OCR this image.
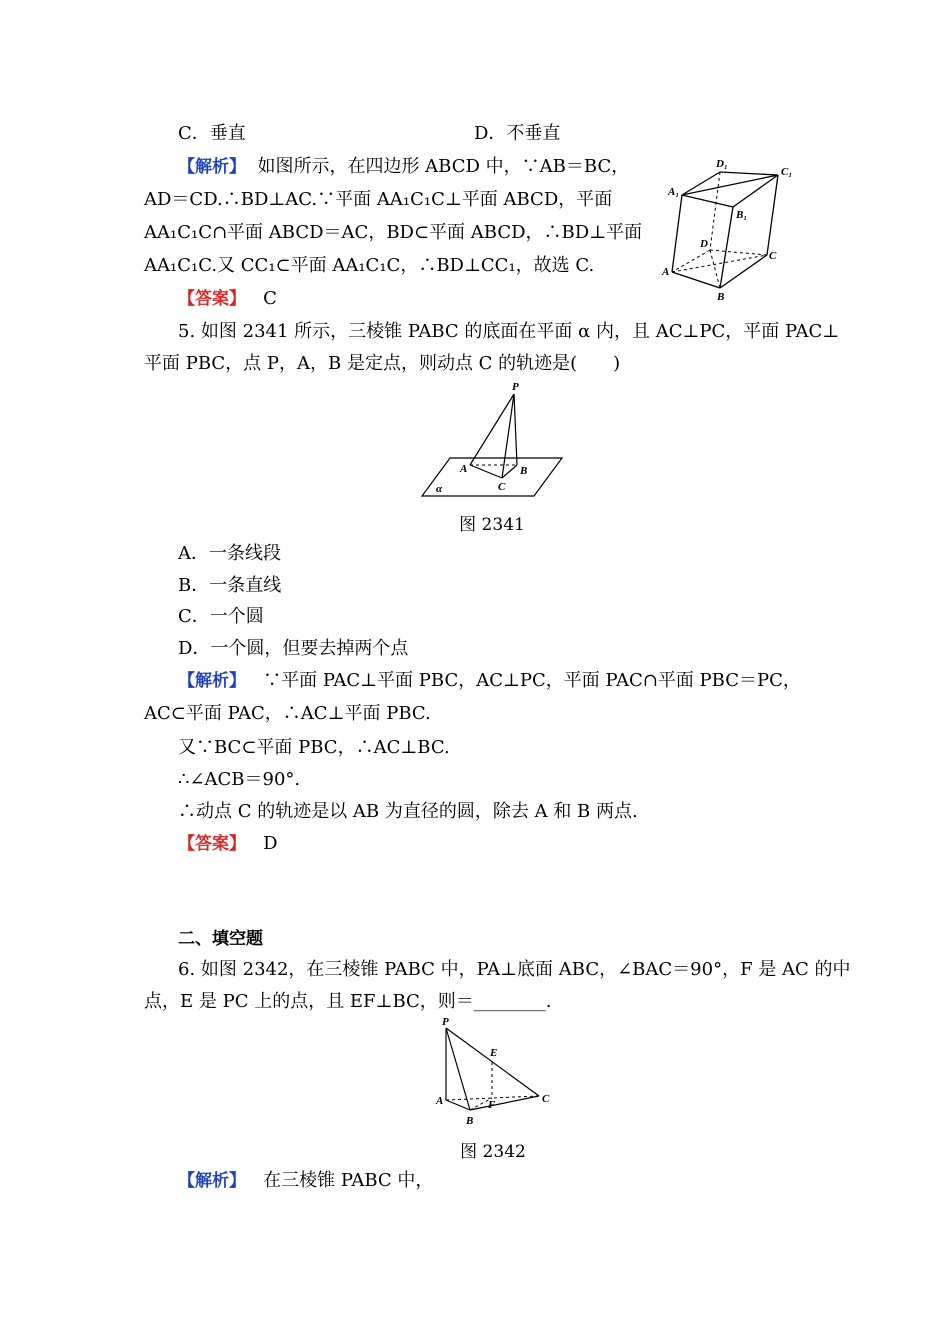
C．垂直	D．不垂直
【解析】 如图所示，在四边形 ABCD 中，∵AB＝BC，
AD＝CD.∴BD⊥AC.∵平面 AA₁C₁C⊥平面 ABCD，平面
AA₁C₁C∩平面 ABCD＝AC，BD⊂平面 ABCD，∴BD⊥平面
AA₁C₁C.又 CC₁⊂平面 AA₁C₁C，∴BD⊥CC₁，故选 C.
【答案】 C
D₁
C₁
A₁
B₁
D
A
C
B
5. 如图 2341 所示，三棱锥 PABC 的底面在平面 α 内，且 AC⊥PC，平面 PAC⊥
平面 PBC，点 P，A，B 是定点，则动点 C 的轨迹是(　　)
P
A	B
C
α
图 2341
A．一条线段
B．一条直线
C．一个圆
D．一个圆，但要去掉两个点
【解析】 ∵平面 PAC⊥平面 PBC，AC⊥PC，平面 PAC∩平面 PBC＝PC，
AC⊂平面 PAC，∴AC⊥平面 PBC.
又∵BC⊂平面 PBC，∴AC⊥BC.
∴∠ACB＝90°.
∴动点 C 的轨迹是以 AB 为直径的圆，除去 A 和 B 两点.
【答案】 D
二、填空题
6. 如图 2342，在三棱锥 PABC 中，PA⊥底面 ABC，∠BAC＝90°，F 是 AC 的中
点，E 是 PC 上的点，且 EF⊥BC，则＝________.
P
E
A	F	C
B
图 2342
【解析】 在三棱锥 PABC 中，
